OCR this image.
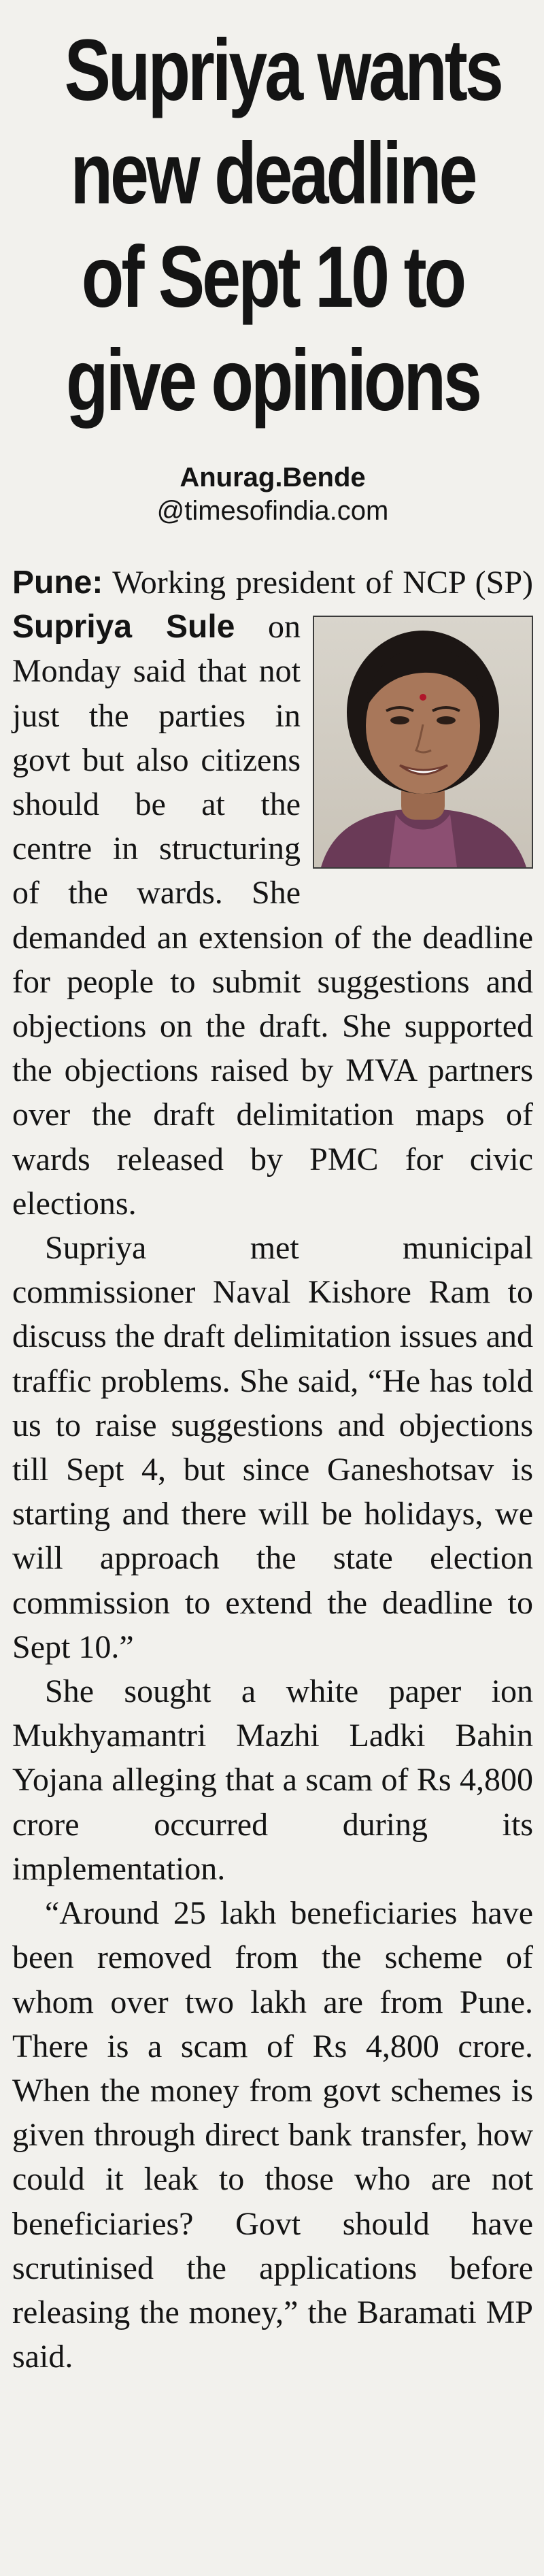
Supriya wants
new deadline
of Sept 10 to
give opinions
Anurag.Bende
@timesofindia.com

Pune: Working president of NCP (SP) Supriya Sule
on Monday said that not just the parties in govt but also citizens should be at the centre in structuring of the wards. She demanded an extension of the deadline for people to submit suggestions and objections on the draft. She supported the objections raised by MVA partners over the draft delimitation maps of wards released by PMC for civic elections.

Supriya met municipal commissioner Naval Kishore Ram to discuss the draft delimitation issues and traffic problems. She said, “He has told us to raise suggestions and objections till Sept 4, but since Ganeshotsav is starting and there will be holidays, we will approach the state election commission to extend the deadline to Sept 10.”

She sought a white paper ion Mukhyamantri Mazhi Ladki Bahin Yojana alleging that a scam of Rs 4,800 crore occurred during its implementation.

“Around 25 lakh beneficiaries have been removed from the scheme of whom over two lakh are from Pune. There is a scam of Rs 4,800 crore. When the money from govt schemes is given through direct bank transfer, how could it leak to those who are not beneficiaries? Govt should have scrutinised the applications before releasing the money,” the Baramati MP said.
